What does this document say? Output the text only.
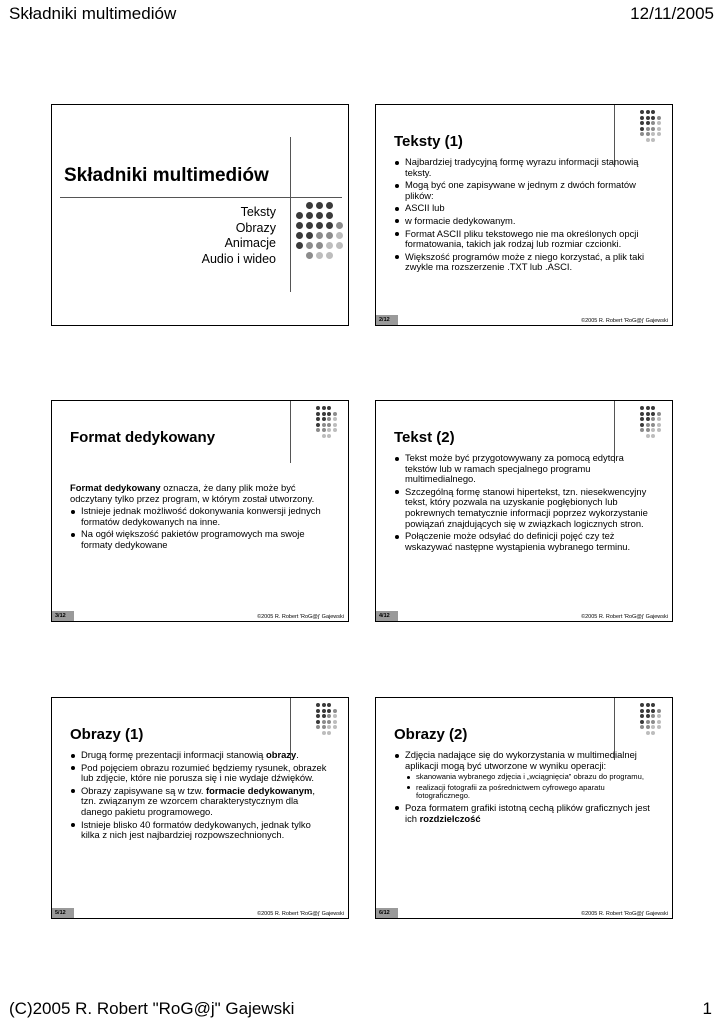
Składniki multimediów	12/11/2005
Składniki multimediów
Teksty
Obrazy
Animacje
Audio i wideo
Teksty (1)
Najbardziej tradycyjną formę wyrazu informacji stanowią teksty.
Mogą być one zapisywane w jednym z dwóch formatów plików:
ASCII lub
w formacie dedykowanym.
Format ASCII pliku tekstowego nie ma określonych opcji formatowania, takich jak rodzaj lub rozmiar czcionki.
Większość programów może z niego korzystać, a plik taki zwykle ma rozszerzenie .TXT lub .ASCI.
2/12	©2005 R. Robert 'RoG@j' Gajewski
Format dedykowany
Format dedykowany oznacza, że dany plik może być odczytany tylko przez program, w którym został utworzony.
Istnieje jednak możliwość dokonywania konwersji jednych formatów dedykowanych na inne.
Na ogół większość pakietów programowych ma swoje formaty dedykowane
3/12	©2005 R. Robert 'RoG@j' Gajewski
Tekst (2)
Tekst może być przygotowywany za pomocą edytora tekstów lub w ramach specjalnego programu multimedialnego.
Szczególną formę stanowi hipertekst, tzn. niesekwencyjny tekst, który pozwala na uzyskanie pogłębionych lub pokrewnych tematycznie informacji poprzez wykorzystanie powiązań znajdujących się w związkach logicznych stron.
Połączenie może odsyłać do definicji pojęć czy też wskazywać następne wystąpienia wybranego terminu.
4/12	©2005 R. Robert 'RoG@j' Gajewski
Obrazy (1)
Drugą formę prezentacji informacji stanowią obrazy.
Pod pojęciem obrazu rozumieć będziemy rysunek, obrazek lub zdjęcie, które nie porusza się i nie wydaje dźwięków.
Obrazy zapisywane są w tzw. formacie dedykowanym, tzn. związanym ze wzorcem charakterystycznym dla danego pakietu programowego.
Istnieje blisko 40 formatów dedykowanych, jednak tylko kilka z nich jest najbardziej rozpowszechnionych.
5/12	©2005 R. Robert 'RoG@j' Gajewski
Obrazy (2)
Zdjęcia nadające się do wykorzystania w multimedialnej aplikacji mogą być utworzone w wyniku operacji:
skanowania wybranego zdjęcia i „wciągnięcia” obrazu do programu,
realizacji fotografii za pośrednictwem cyfrowego aparatu fotograficznego.
Poza formatem grafiki istotną cechą plików graficznych jest ich rozdzielczość
6/12	©2005 R. Robert 'RoG@j' Gajewski
(C)2005 R. Robert "RoG@j" Gajewski	1
